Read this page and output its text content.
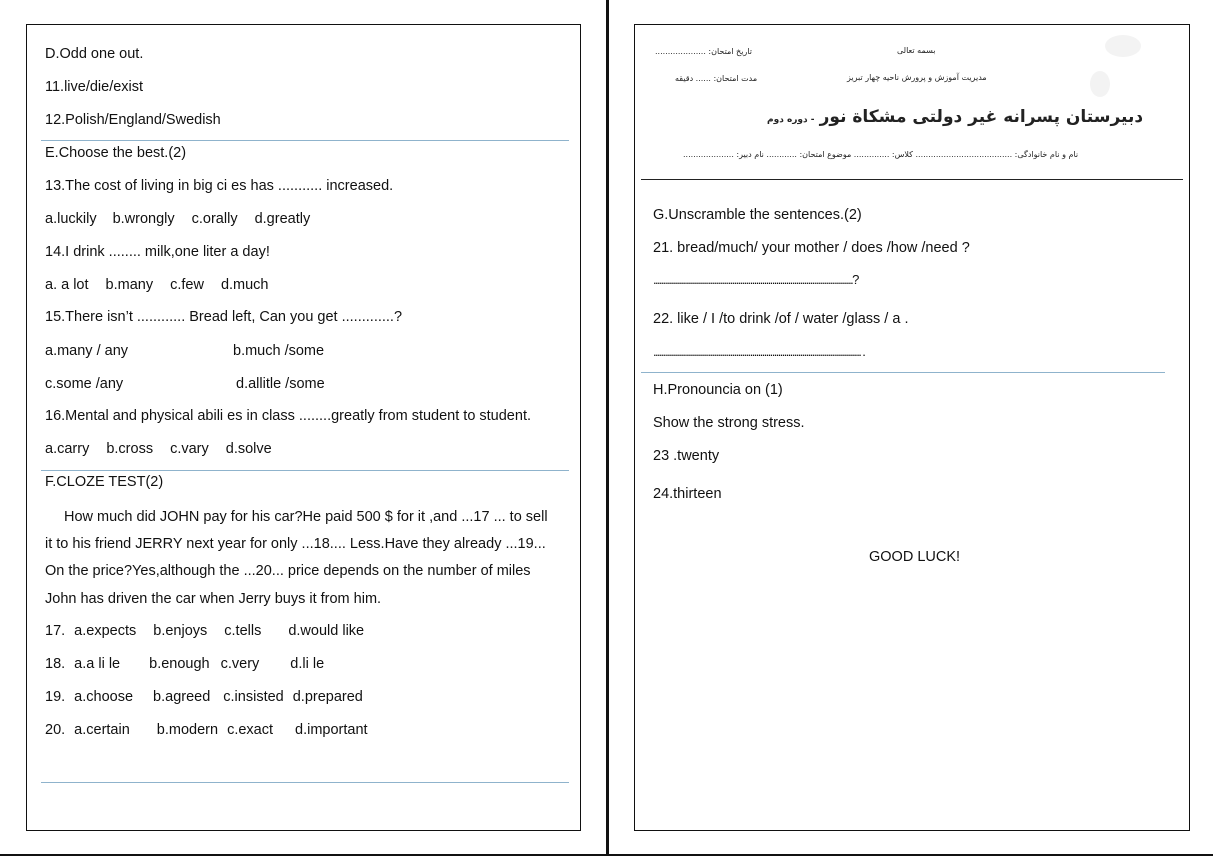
D.Odd one out.
11.live/die/exist
12.Polish/England/Swedish
E.Choose the best.(2)
13.The cost of living in big ci es has ........... increased.
a.luckily b.wrongly c.orally d.greatly
14.I drink ........ milk,one liter a day!
a. a lot b.many c.few d.much
15.There isn’t ............ Bread left, Can you get .............?
a.many / any	b.much /some
c.some /any	d.allitle /some
16.Mental and physical abili es in class ........greatly from student to student.
a.carry b.cross c.vary d.solve
F.CLOZE TEST(2)
How much did JOHN pay for his car?He paid 500 $ for it ,and ...17 ... to sell
it to his friend JERRY next year for only ...18.... Less.Have they already ...19...
On the price?Yes,although the ...20... price depends on the number of miles
John has driven the car when Jerry buys it from him.
17. a.expects b.enjoys c.tells d.would like
18. a.a li le b.enough c.very d.li le
19. a.choose b.agreed c.insisted d.prepared
20. a.certain b.modern c.exact d.important
تاریخ امتحان: ....................	بسمه تعالی
مدت امتحان: ...... دقیقه	مدیریت آموزش و پرورش ناحیه چهار تبریز
دبیرستان پسرانه غیر دولتی مشکاة نور - دوره دوم
نام و نام خانوادگی: ...................................... کلاس: .............. موضوع امتحان: ............ نام دبیر: ....................
G.Unscramble the sentences.(2)
21. bread/much/ your mother / does /how /need ?
...................................................................................................?
22. like / I /to drink /of / water /glass / a .
....................................................................................................... .
H.Pronouncia on (1)
Show the strong stress.
23 .twenty
24.thirteen
GOOD LUCK!
